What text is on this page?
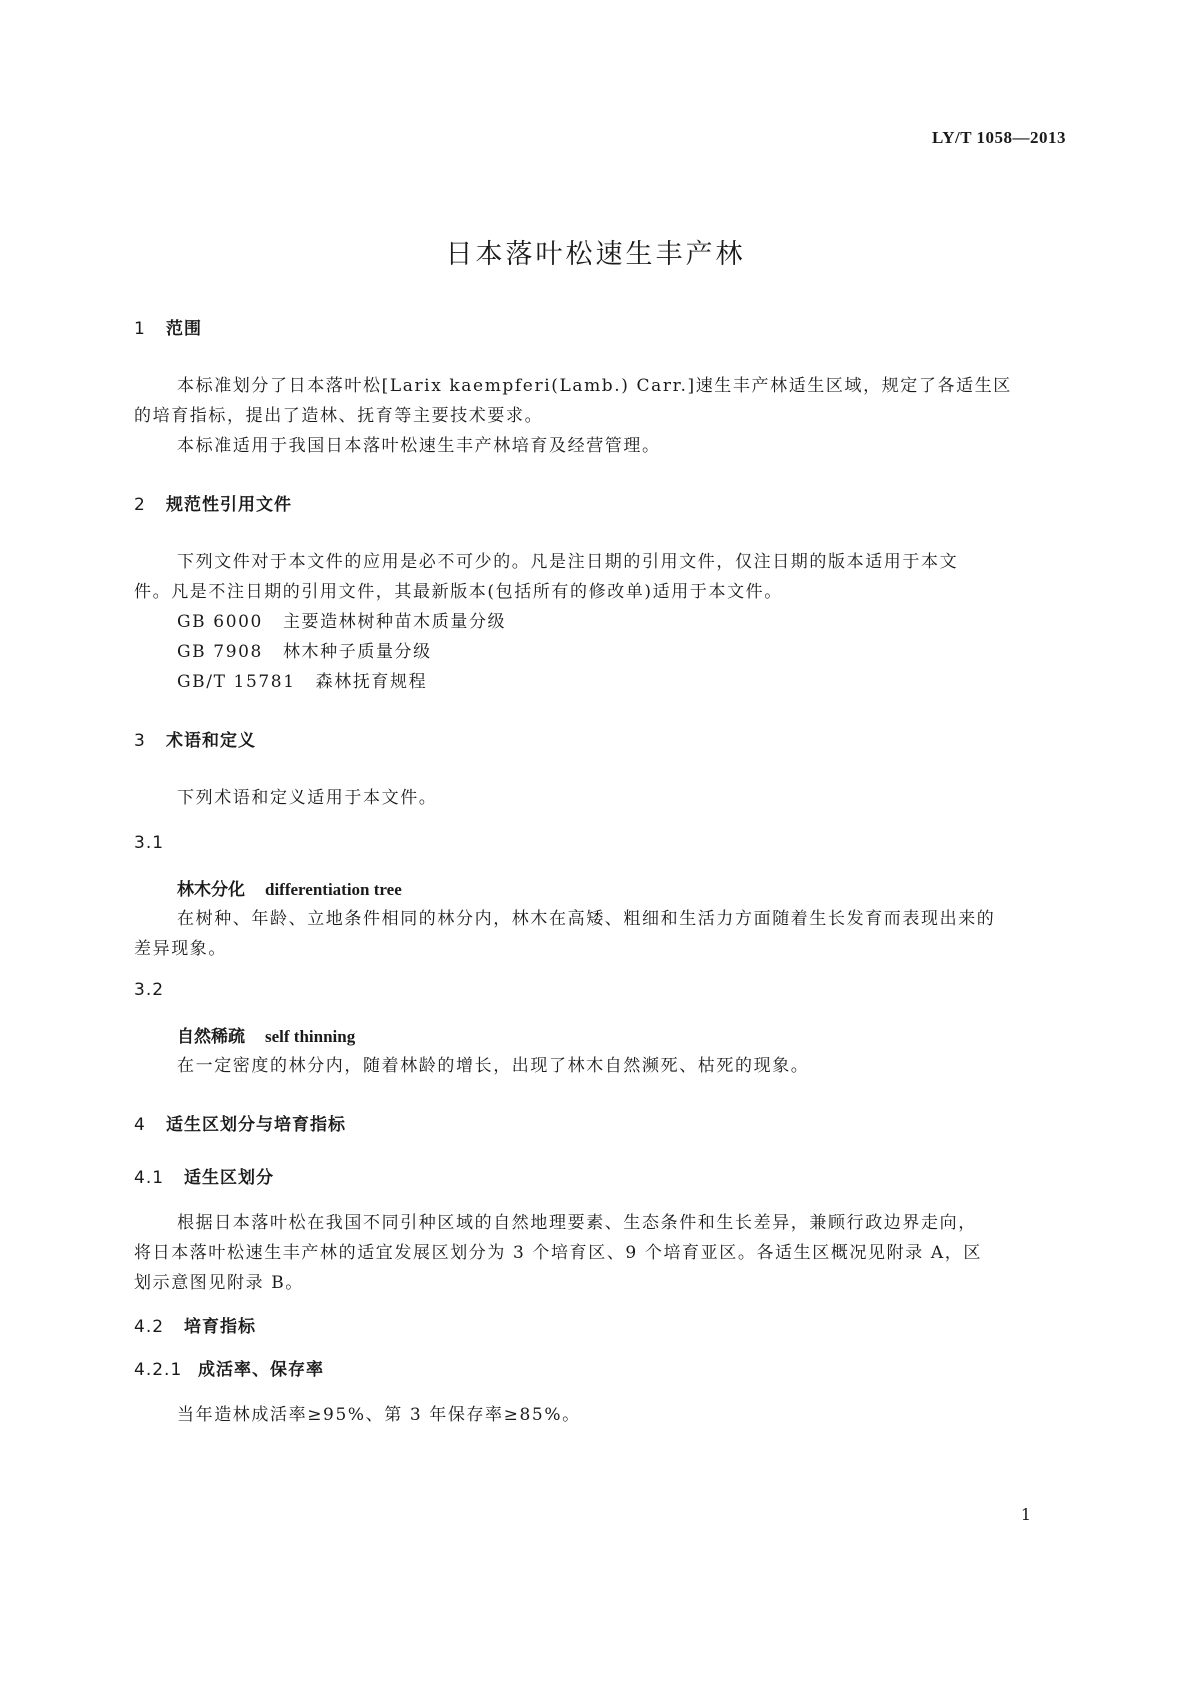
LY/T 1058—2013
日本落叶松速生丰产林
1 范围
本标准划分了日本落叶松[Larix kaempferi(Lamb.) Carr.]速生丰产林适生区域，规定了各适生区
的培育指标，提出了造林、抚育等主要技术要求。
本标准适用于我国日本落叶松速生丰产林培育及经营管理。
2 规范性引用文件
下列文件对于本文件的应用是必不可少的。凡是注日期的引用文件，仅注日期的版本适用于本文
件。凡是不注日期的引用文件，其最新版本(包括所有的修改单)适用于本文件。
GB 6000 主要造林树种苗木质量分级
GB 7908 林木种子质量分级
GB/T 15781 森林抚育规程
3 术语和定义
下列术语和定义适用于本文件。
3.1
林木分化 differentiation tree
在树种、年龄、立地条件相同的林分内，林木在高矮、粗细和生活力方面随着生长发育而表现出来的
差异现象。
3.2
自然稀疏 self thinning
在一定密度的林分内，随着林龄的增长，出现了林木自然濒死、枯死的现象。
4 适生区划分与培育指标
4.1 适生区划分
根据日本落叶松在我国不同引种区域的自然地理要素、生态条件和生长差异，兼顾行政边界走向，
将日本落叶松速生丰产林的适宜发展区划分为 3 个培育区、9 个培育亚区。各适生区概况见附录 A，区
划示意图见附录 B。
4.2 培育指标
4.2.1 成活率、保存率
当年造林成活率≥95%、第 3 年保存率≥85%。
1
